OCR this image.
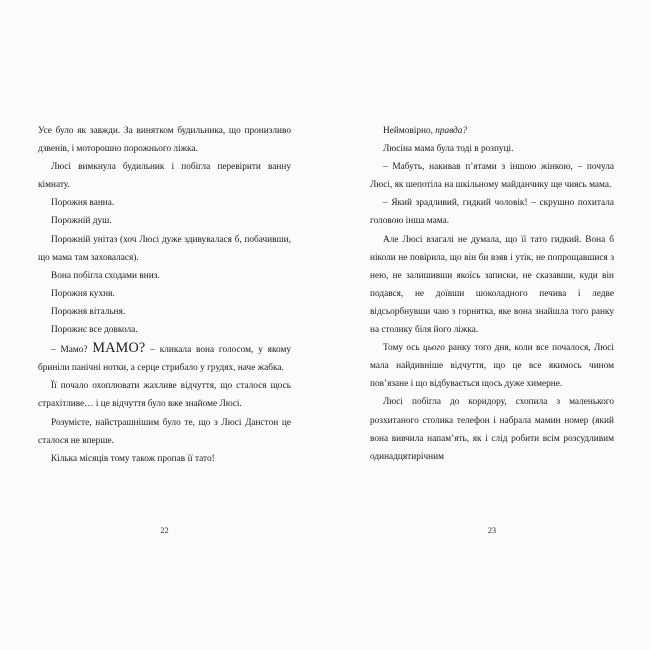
Усе було як завжди. За винятком будильника, що пронизливо дзвенів, і моторошно порожнього ліжка.

Люсі вимкнула будильник і побігла перевірити ванну кімнату.

Порожня ванна.

Порожній душ.

Порожній унітаз (хоч Люсі дуже здивувалася б, побачивши, що мама там заховалася).

Вона побігла сходами вниз.

Порожня кухня.

Порожня вітальня.

Порожнє все довкола.

– Мамо? МАМО? – кликала вона голосом, у якому бриніли панічні нотки, а серце стрибало у грудях, наче жабка.

Її почало охоплювати жахливе відчуття, що сталося щось страхітливе… і це відчуття було вже знайоме Люсі.

Розумієте, найстрашнішим було те, що з Люсі Данстон це сталося не вперше.

Кілька місяців тому також пропав її тато!

22

Неймовірно, правда?

Люсіна мама була тоді в розпуці.

– Мабуть, накивав п’ятами з іншою жінкою, – почула Люсі, як шепотіла на шкільному майданчику ще чиясь мама.

– Який зрадливий, гидкий чоловік! – скрушно похитала головою інша мама.

Але Люсі взагалі не думала, що її тато гидкий. Вона б ніколи не повірила, що він би взяв і утік, не попрощавшися з нею, не залишивши якоїсь записки, не сказавши, куди він подався, не доївши шоколадного печива і ледве відсьорбнувши чаю з горнятка, яке вона знайшла того ранку на столику біля його ліжка.

Тому ось цього ранку того дня, коли все почалося, Люсі мала найдивніше відчуття, що це все якимось чином пов’язане і що відбувається щось дуже химерне.

Люсі побігла до коридору, схопила з маленького розхитаного столика телефон і набрала мамин номер (який вона вивчила напам’ять, як і слід робити всім розсудливим одинадцятирічним

23
